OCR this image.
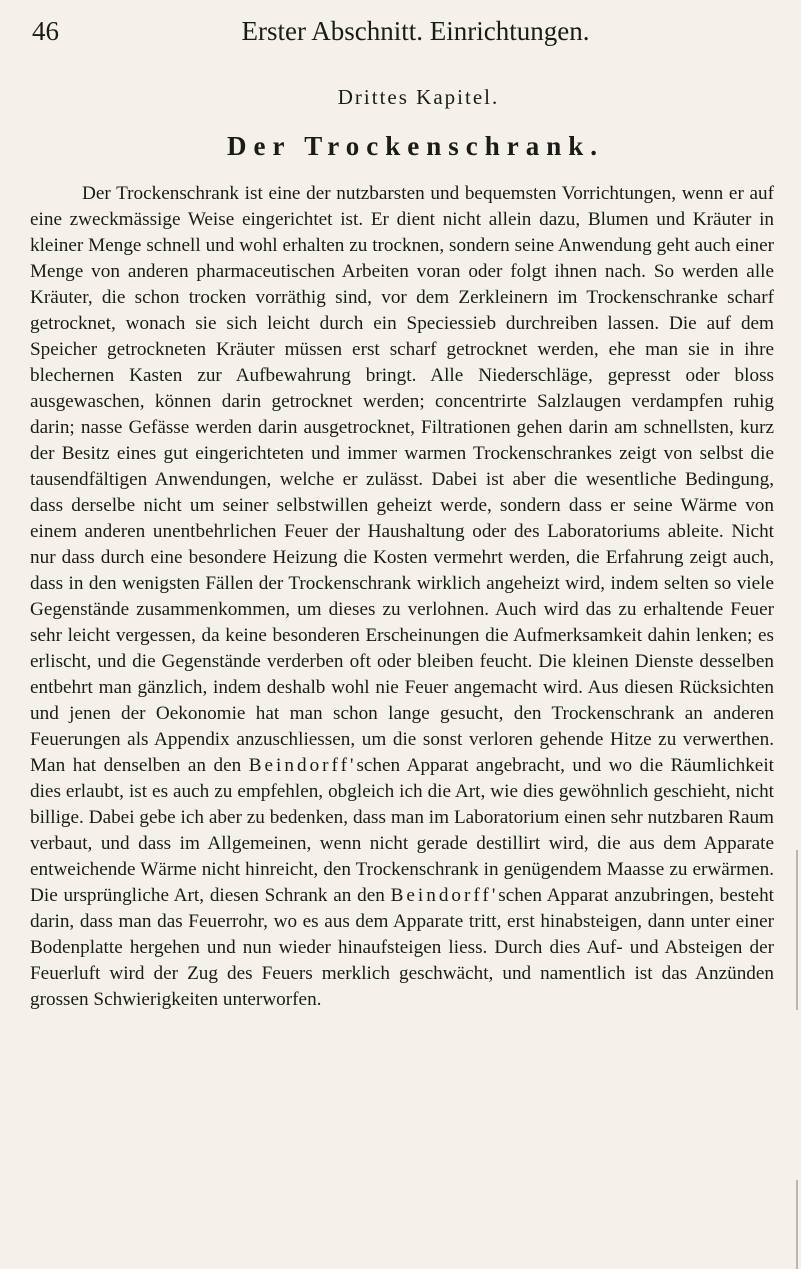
46	Erster Abschnitt. Einrichtungen.
Drittes Kapitel.
Der Trockenschrank.

Der Trockenschrank ist eine der nutzbarsten und bequemsten Vorrichtungen, wenn er auf eine zweckmässige Weise eingerichtet ist. Er dient nicht allein dazu, Blumen und Kräuter in kleiner Menge schnell und wohl erhalten zu trocknen, sondern seine Anwendung geht auch einer Menge von anderen pharmaceutischen Arbeiten voran oder folgt ihnen nach. So werden alle Kräuter, die schon trocken vorräthig sind, vor dem Zerkleinern im Trockenschranke scharf getrocknet, wonach sie sich leicht durch ein Speciessieb durchreiben lassen. Die auf dem Speicher getrockneten Kräuter müssen erst scharf getrocknet werden, ehe man sie in ihre blechernen Kasten zur Aufbewahrung bringt. Alle Niederschläge, gepresst oder bloss ausgewaschen, können darin getrocknet werden; concentrirte Salzlaugen verdampfen ruhig darin; nasse Gefässe werden darin ausgetrocknet, Filtrationen gehen darin am schnellsten, kurz der Besitz eines gut eingerichteten und immer warmen Trockenschrankes zeigt von selbst die tausendfältigen Anwendungen, welche er zulässt. Dabei ist aber die wesentliche Bedingung, dass derselbe nicht um seiner selbstwillen geheizt werde, sondern dass er seine Wärme von einem anderen unentbehrlichen Feuer der Haushaltung oder des Laboratoriums ableite. Nicht nur dass durch eine besondere Heizung die Kosten vermehrt werden, die Erfahrung zeigt auch, dass in den wenigsten Fällen der Trockenschrank wirklich angeheizt wird, indem selten so viele Gegenstände zusammenkommen, um dieses zu verlohnen. Auch wird das zu erhaltende Feuer sehr leicht vergessen, da keine besonderen Erscheinungen die Aufmerksamkeit dahin lenken; es erlischt, und die Gegenstände verderben oft oder bleiben feucht. Die kleinen Dienste desselben entbehrt man gänzlich, indem deshalb wohl nie Feuer angemacht wird. Aus diesen Rücksichten und jenen der Oekonomie hat man schon lange gesucht, den Trockenschrank an anderen Feuerungen als Appendix anzuschliessen, um die sonst verloren gehende Hitze zu verwerthen. Man hat denselben an den Beindorff'schen Apparat angebracht, und wo die Räumlichkeit dies erlaubt, ist es auch zu empfehlen, obgleich ich die Art, wie dies gewöhnlich geschieht, nicht billige. Dabei gebe ich aber zu bedenken, dass man im Laboratorium einen sehr nutzbaren Raum verbaut, und dass im Allgemeinen, wenn nicht gerade destillirt wird, die aus dem Apparate entweichende Wärme nicht hinreicht, den Trockenschrank in genügendem Maasse zu erwärmen. Die ursprüngliche Art, diesen Schrank an den Beindorff'schen Apparat anzubringen, besteht darin, dass man das Feuerrohr, wo es aus dem Apparate tritt, erst hinabsteigen, dann unter einer Bodenplatte hergehen und nun wieder hinaufsteigen liess. Durch dies Auf- und Absteigen der Feuerluft wird der Zug des Feuers merklich geschwächt, und namentlich ist das Anzünden grossen Schwierigkeiten unterworfen.
